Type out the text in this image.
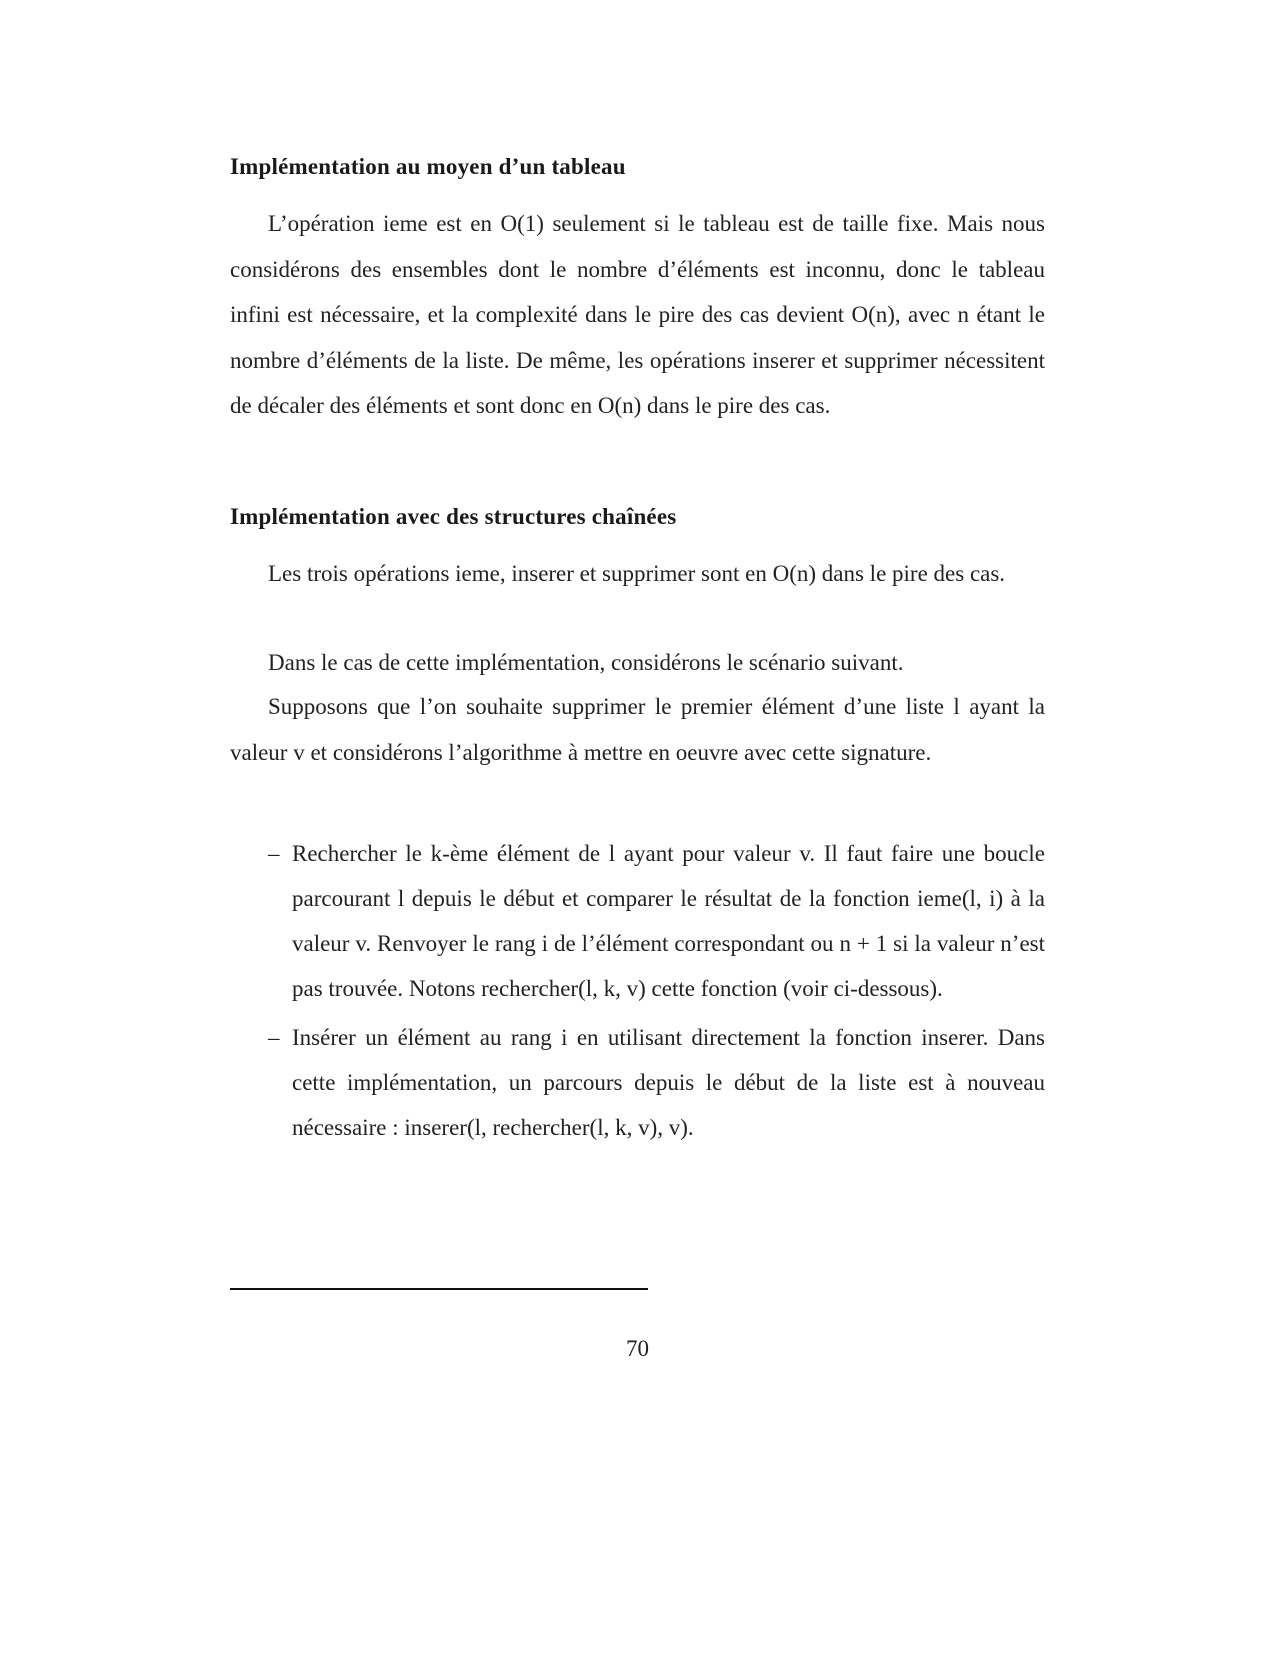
Implémentation au moyen d’un tableau

L’opération ieme est en O(1) seulement si le tableau est de taille fixe. Mais nous considérons des ensembles dont le nombre d’éléments est inconnu, donc le tableau infini est nécessaire, et la complexité dans le pire des cas devient O(n), avec n étant le nombre d’éléments de la liste. De même, les opérations inserer et supprimer nécessitent de décaler des éléments et sont donc en O(n) dans le pire des cas.

Implémentation avec des structures chaînées

Les trois opérations ieme, inserer et supprimer sont en O(n) dans le pire des cas.

Dans le cas de cette implémentation, considérons le scénario suivant.

Supposons que l’on souhaite supprimer le premier élément d’une liste l ayant la valeur v et considérons l’algorithme à mettre en oeuvre avec cette signature.

– Rechercher le k-ème élément de l ayant pour valeur v. Il faut faire une boucle parcourant l depuis le début et comparer le résultat de la fonction ieme(l, i) à la valeur v. Renvoyer le rang i de l’élément correspondant ou n + 1 si la valeur n’est pas trouvée. Notons rechercher(l, k, v) cette fonction (voir ci-dessous).
– Insérer un élément au rang i en utilisant directement la fonction inserer. Dans cette implémentation, un parcours depuis le début de la liste est à nouveau nécessaire : inserer(l, rechercher(l, k, v), v).
70
